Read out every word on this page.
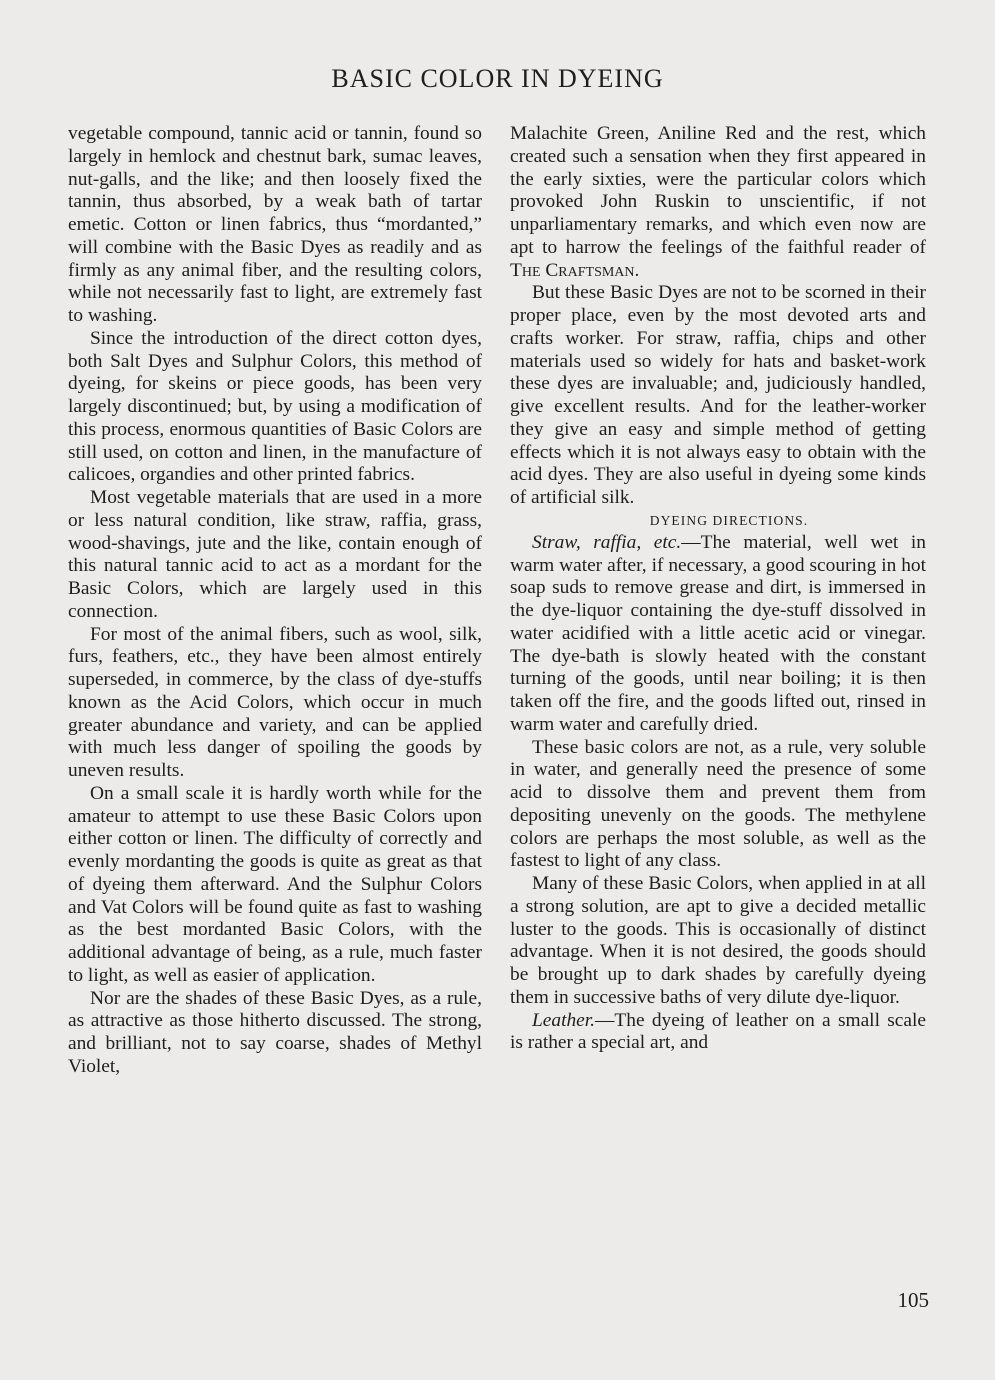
BASIC COLOR IN DYEING

vegetable compound, tannic acid or tannin, found so largely in hemlock and chestnut bark, sumac leaves, nut-galls, and the like; and then loosely fixed the tannin, thus absorbed, by a weak bath of tartar emetic. Cotton or linen fabrics, thus “mordanted,” will combine with the Basic Dyes as readily and as firmly as any animal fiber, and the resulting colors, while not necessarily fast to light, are extremely fast to washing.

Since the introduction of the direct cotton dyes, both Salt Dyes and Sulphur Colors, this method of dyeing, for skeins or piece goods, has been very largely discontinued; but, by using a modification of this process, enormous quantities of Basic Colors are still used, on cotton and linen, in the manufacture of calicoes, organdies and other printed fabrics.

Most vegetable materials that are used in a more or less natural condition, like straw, raffia, grass, wood-shavings, jute and the like, contain enough of this natural tannic acid to act as a mordant for the Basic Colors, which are largely used in this connection.

For most of the animal fibers, such as wool, silk, furs, feathers, etc., they have been almost entirely superseded, in commerce, by the class of dye-stuffs known as the Acid Colors, which occur in much greater abundance and variety, and can be applied with much less danger of spoiling the goods by uneven results.

On a small scale it is hardly worth while for the amateur to attempt to use these Basic Colors upon either cotton or linen. The difficulty of correctly and evenly mordanting the goods is quite as great as that of dyeing them afterward. And the Sulphur Colors and Vat Colors will be found quite as fast to washing as the best mordanted Basic Colors, with the additional advantage of being, as a rule, much faster to light, as well as easier of application.

Nor are the shades of these Basic Dyes, as a rule, as attractive as those hitherto discussed. The strong, and brilliant, not to say coarse, shades of Methyl Violet,

Malachite Green, Aniline Red and the rest, which created such a sensation when they first appeared in the early sixties, were the particular colors which provoked John Ruskin to unscientific, if not unparliamentary remarks, and which even now are apt to harrow the feelings of the faithful reader of The Craftsman.

But these Basic Dyes are not to be scorned in their proper place, even by the most devoted arts and crafts worker. For straw, raffia, chips and other materials used so widely for hats and basket-work these dyes are invaluable; and, judiciously handled, give excellent results. And for the leather-worker they give an easy and simple method of getting effects which it is not always easy to obtain with the acid dyes. They are also useful in dyeing some kinds of artificial silk.

DYEING DIRECTIONS.

Straw, raffia, etc.—The material, well wet in warm water after, if necessary, a good scouring in hot soap suds to remove grease and dirt, is immersed in the dye-liquor containing the dye-stuff dissolved in water acidified with a little acetic acid or vinegar. The dye-bath is slowly heated with the constant turning of the goods, until near boiling; it is then taken off the fire, and the goods lifted out, rinsed in warm water and carefully dried.

These basic colors are not, as a rule, very soluble in water, and generally need the presence of some acid to dissolve them and prevent them from depositing unevenly on the goods. The methylene colors are perhaps the most soluble, as well as the fastest to light of any class.

Many of these Basic Colors, when applied in at all a strong solution, are apt to give a decided metallic luster to the goods. This is occasionally of distinct advantage. When it is not desired, the goods should be brought up to dark shades by carefully dyeing them in successive baths of very dilute dye-liquor.

Leather.—The dyeing of leather on a small scale is rather a special art, and

105
